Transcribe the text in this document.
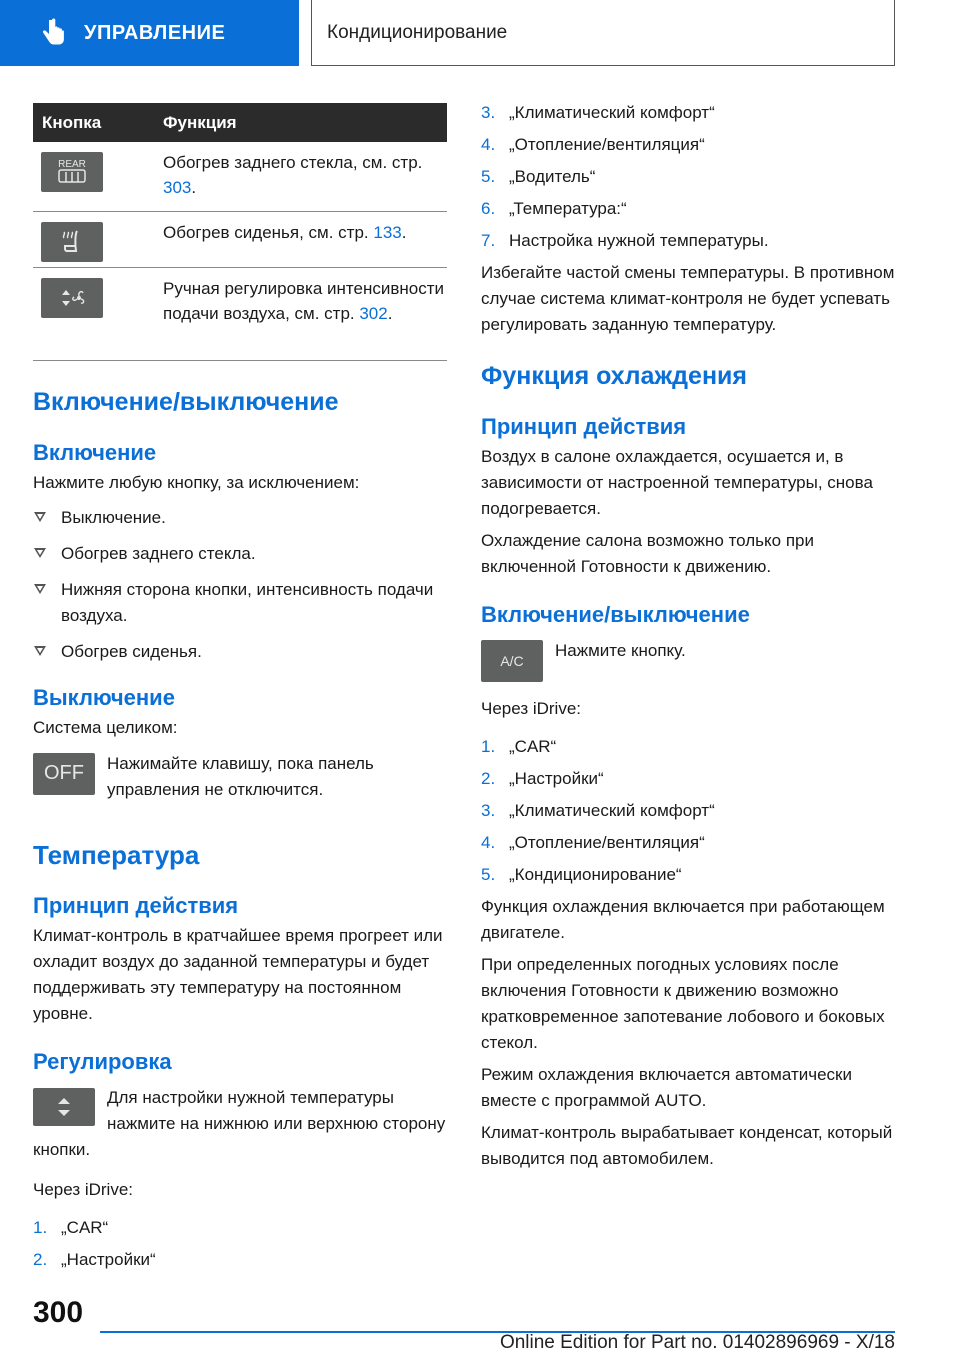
УПРАВЛЕНИЕ	Кондиционирование
Кнопка	Функция

REAR	Обогрев заднего стекла, см. стр. 303.

	Обогрев сиденья, см. стр. 133.

	Ручная регулировка интенсивности подачи воздуха, см. стр. 302.
Включение/выключение
Включение
Нажмите любую кнопку, за исключением:
Выключение.
Обогрев заднего стекла.
Нижняя сторона кнопки, интенсивность подачи воздуха.
Обогрев сиденья.
Выключение
Система целиком:
OFF	Нажимайте клавишу, пока панель управления не отключится.
Температура
Принцип действия
Климат-контроль в кратчайшее время прогреет или охладит воздух до заданной температуры и будет поддерживать эту температуру на постоянном уровне.
Регулировка
Для настройки нужной температуры нажмите на нижнюю или верхнюю сторону кнопки.
Через iDrive:
1. „CAR“
2. „Настройки“
3. „Климатический комфорт“
4. „Отопление/вентиляция“
5. „Водитель“
6. „Температура:“
7. Настройка нужной температуры.
Избегайте частой смены температуры. В противном случае система климат-контроля не будет успевать регулировать заданную температуру.
Функция охлаждения
Принцип действия
Воздух в салоне охлаждается, осушается и, в зависимости от настроенной температуры, снова подогревается.
Охлаждение салона возможно только при включенной Готовности к движению.
Включение/выключение
A/C
Нажмите кнопку.
Через iDrive:
1. „CAR“
2. „Настройки“
3. „Климатический комфорт“
4. „Отопление/вентиляция“
5. „Кондиционирование“
Функция охлаждения включается при работающем двигателе.
При определенных погодных условиях после включения Готовности к движению возможно кратковременное запотевание лобового и боковых стекол.
Режим охлаждения включается автоматически вместе с программой AUTO.
Климат-контроль вырабатывает конденсат, который выводится под автомобилем.
300
Online Edition for Part no. 01402896969 - X/18
